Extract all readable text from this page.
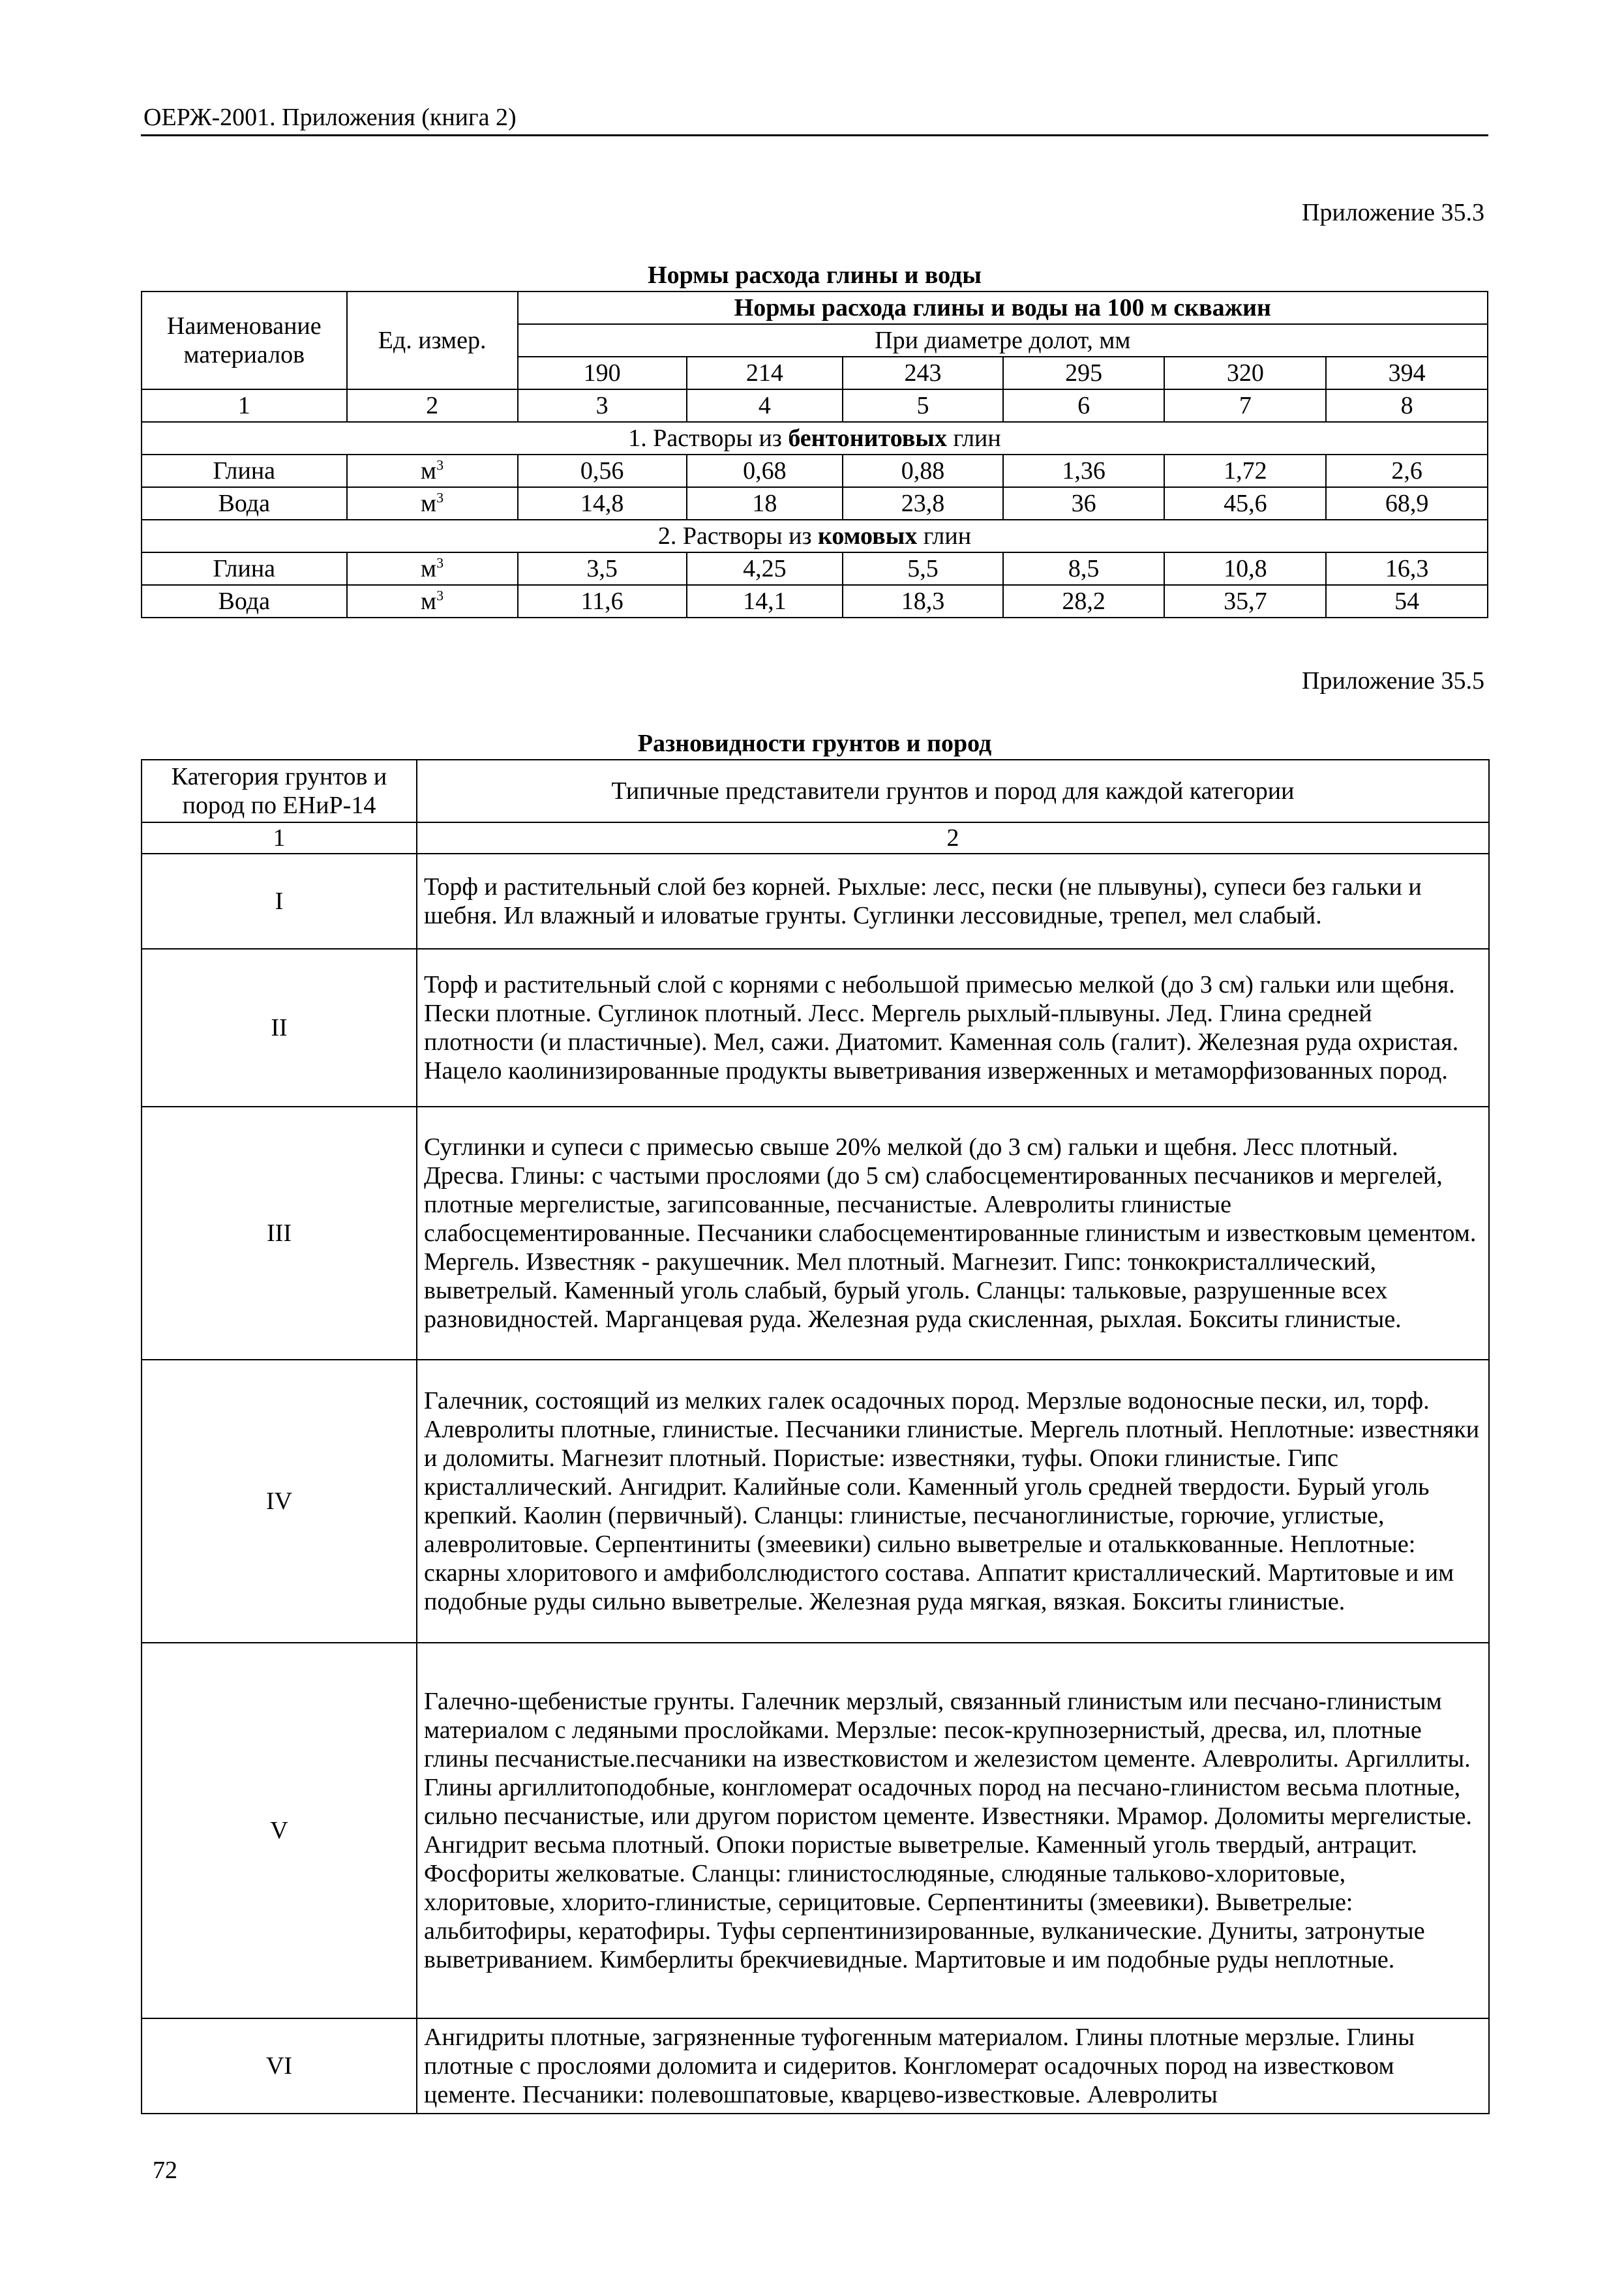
ОЕРЖ-2001. Приложения (книга 2)
Приложение 35.3
Нормы расхода глины и воды
Наименование материалов	Ед. измер.	Нормы расхода глины и воды на 100 м скважин					
		При диаметре долот, мм					
		190	214	243	295	320	394
1	2	3	4	5	6	7	8
1. Растворы из бентонитовых глин							
Глина	$м^3$	0,56	0,68	0,88	1,36	1,72	2,6
Вода	$м^3$	14,8	18	23,8	36	45,6	68,9
2. Растворы из комовых глин							
Глина	$м^3$	3,5	4,25	5,5	8,5	10,8	16,3
Вода	$м^3$	11,6	14,1	18,3	28,2	35,7	54
Приложение 35.5
Разновидности грунтов и пород
Категория грунтов и пород по ЕНиР-14	Типичные представители грунтов и пород для каждой категории
1	2
I	Торф и растительный слой без корней. Рыхлые: лесс, пески (не плывуны), супеси без гальки и шебня. Ил влажный и иловатые грунты. Суглинки лессовидные, трепел, мел слабый.
II	Торф и растительный слой с корнями с небольшой примесью мелкой (до 3 см) гальки или щебня. Пески плотные. Суглинок плотный. Лесс. Мергель рыхлый-плывуны. Лед. Глина средней плотности (и пластичные). Мел, сажи. Диатомит. Каменная соль (галит). Железная руда охристая. Нацело каолинизированные продукты выветривания изверженных и метаморфизованных пород.
III	Суглинки и супеси с примесью свыше 20% мелкой (до 3 см) гальки и щебня. Лесс плотный. Дресва. Глины: с частыми прослоями (до 5 см) слабосцементированных песчаников и мергелей, плотные мергелистые, загипсованные, песчанистые. Алевролиты глинистые слабосцементированные. Песчаники слабосцементированные глинистым и известковым цементом. Мергель. Известняк - ракушечник. Мел плотный. Магнезит. Гипс: тонкокристаллический, выветрелый. Каменный уголь слабый, бурый уголь. Сланцы: тальковые, разрушенные всех разновидностей. Марганцевая руда. Железная руда скисленная, рыхлая. Бокситы глинистые.
IV	Галечник, состоящий из мелких галек осадочных пород. Мерзлые водоносные пески, ил, торф. Алевролиты плотные, глинистые. Песчаники глинистые. Мергель плотный. Неплотные: известняки и доломиты. Магнезит плотный. Пористые: известняки, туфы. Опоки глинистые. Гипс кристаллический. Ангидрит. Калийные соли. Каменный уголь средней твердости. Бурый уголь крепкий. Каолин (первичный). Сланцы: глинистые, песчаноглинистые, горючие, углистые, алевролитовые. Серпентиниты (змеевики) сильно выветрелые и отальккованные. Неплотные: скарны хлоритового и амфиболслюдистого состава. Аппатит кристаллический. Мартитовые и им подобные руды сильно выветрелые. Железная руда мягкая, вязкая. Бокситы глинистые.
V	Галечно-щебенистые грунты. Галечник мерзлый, связанный глинистым или песчано-глинистым материалом с ледяными прослойками. Мерзлые: песок-крупнозернистый, дресва, ил, плотные глины песчанистые.песчаники на известковистом и железистом цементе. Алевролиты. Аргиллиты. Глины аргиллитоподобные, конгломерат осадочных пород на песчано-глинистом весьма плотные, сильно песчанистые, или другом пористом цементе. Известняки. Мрамор. Доломиты мергелистые. Ангидрит весьма плотный. Опоки пористые выветрелые. Каменный уголь твердый, антрацит. Фосфориты желковатые. Сланцы: глинистослюдяные, слюдяные тальково-хлоритовые, хлоритовые, хлорито-глинистые, серицитовые. Серпентиниты (змеевики). Выветрелые: альбитофиры, кератофиры. Туфы серпентинизированные, вулканические. Дуниты, затронутые выветриванием. Кимберлиты брекчиевидные. Мартитовые и им подобные руды неплотные.
VI	Ангидриты плотные, загрязненные туфогенным материалом. Глины плотные мерзлые. Глины плотные с прослоями доломита и сидеритов. Конгломерат осадочных пород на известковом цементе. Песчаники: полевошпатовые, кварцево-известковые. Алевролиты
72
